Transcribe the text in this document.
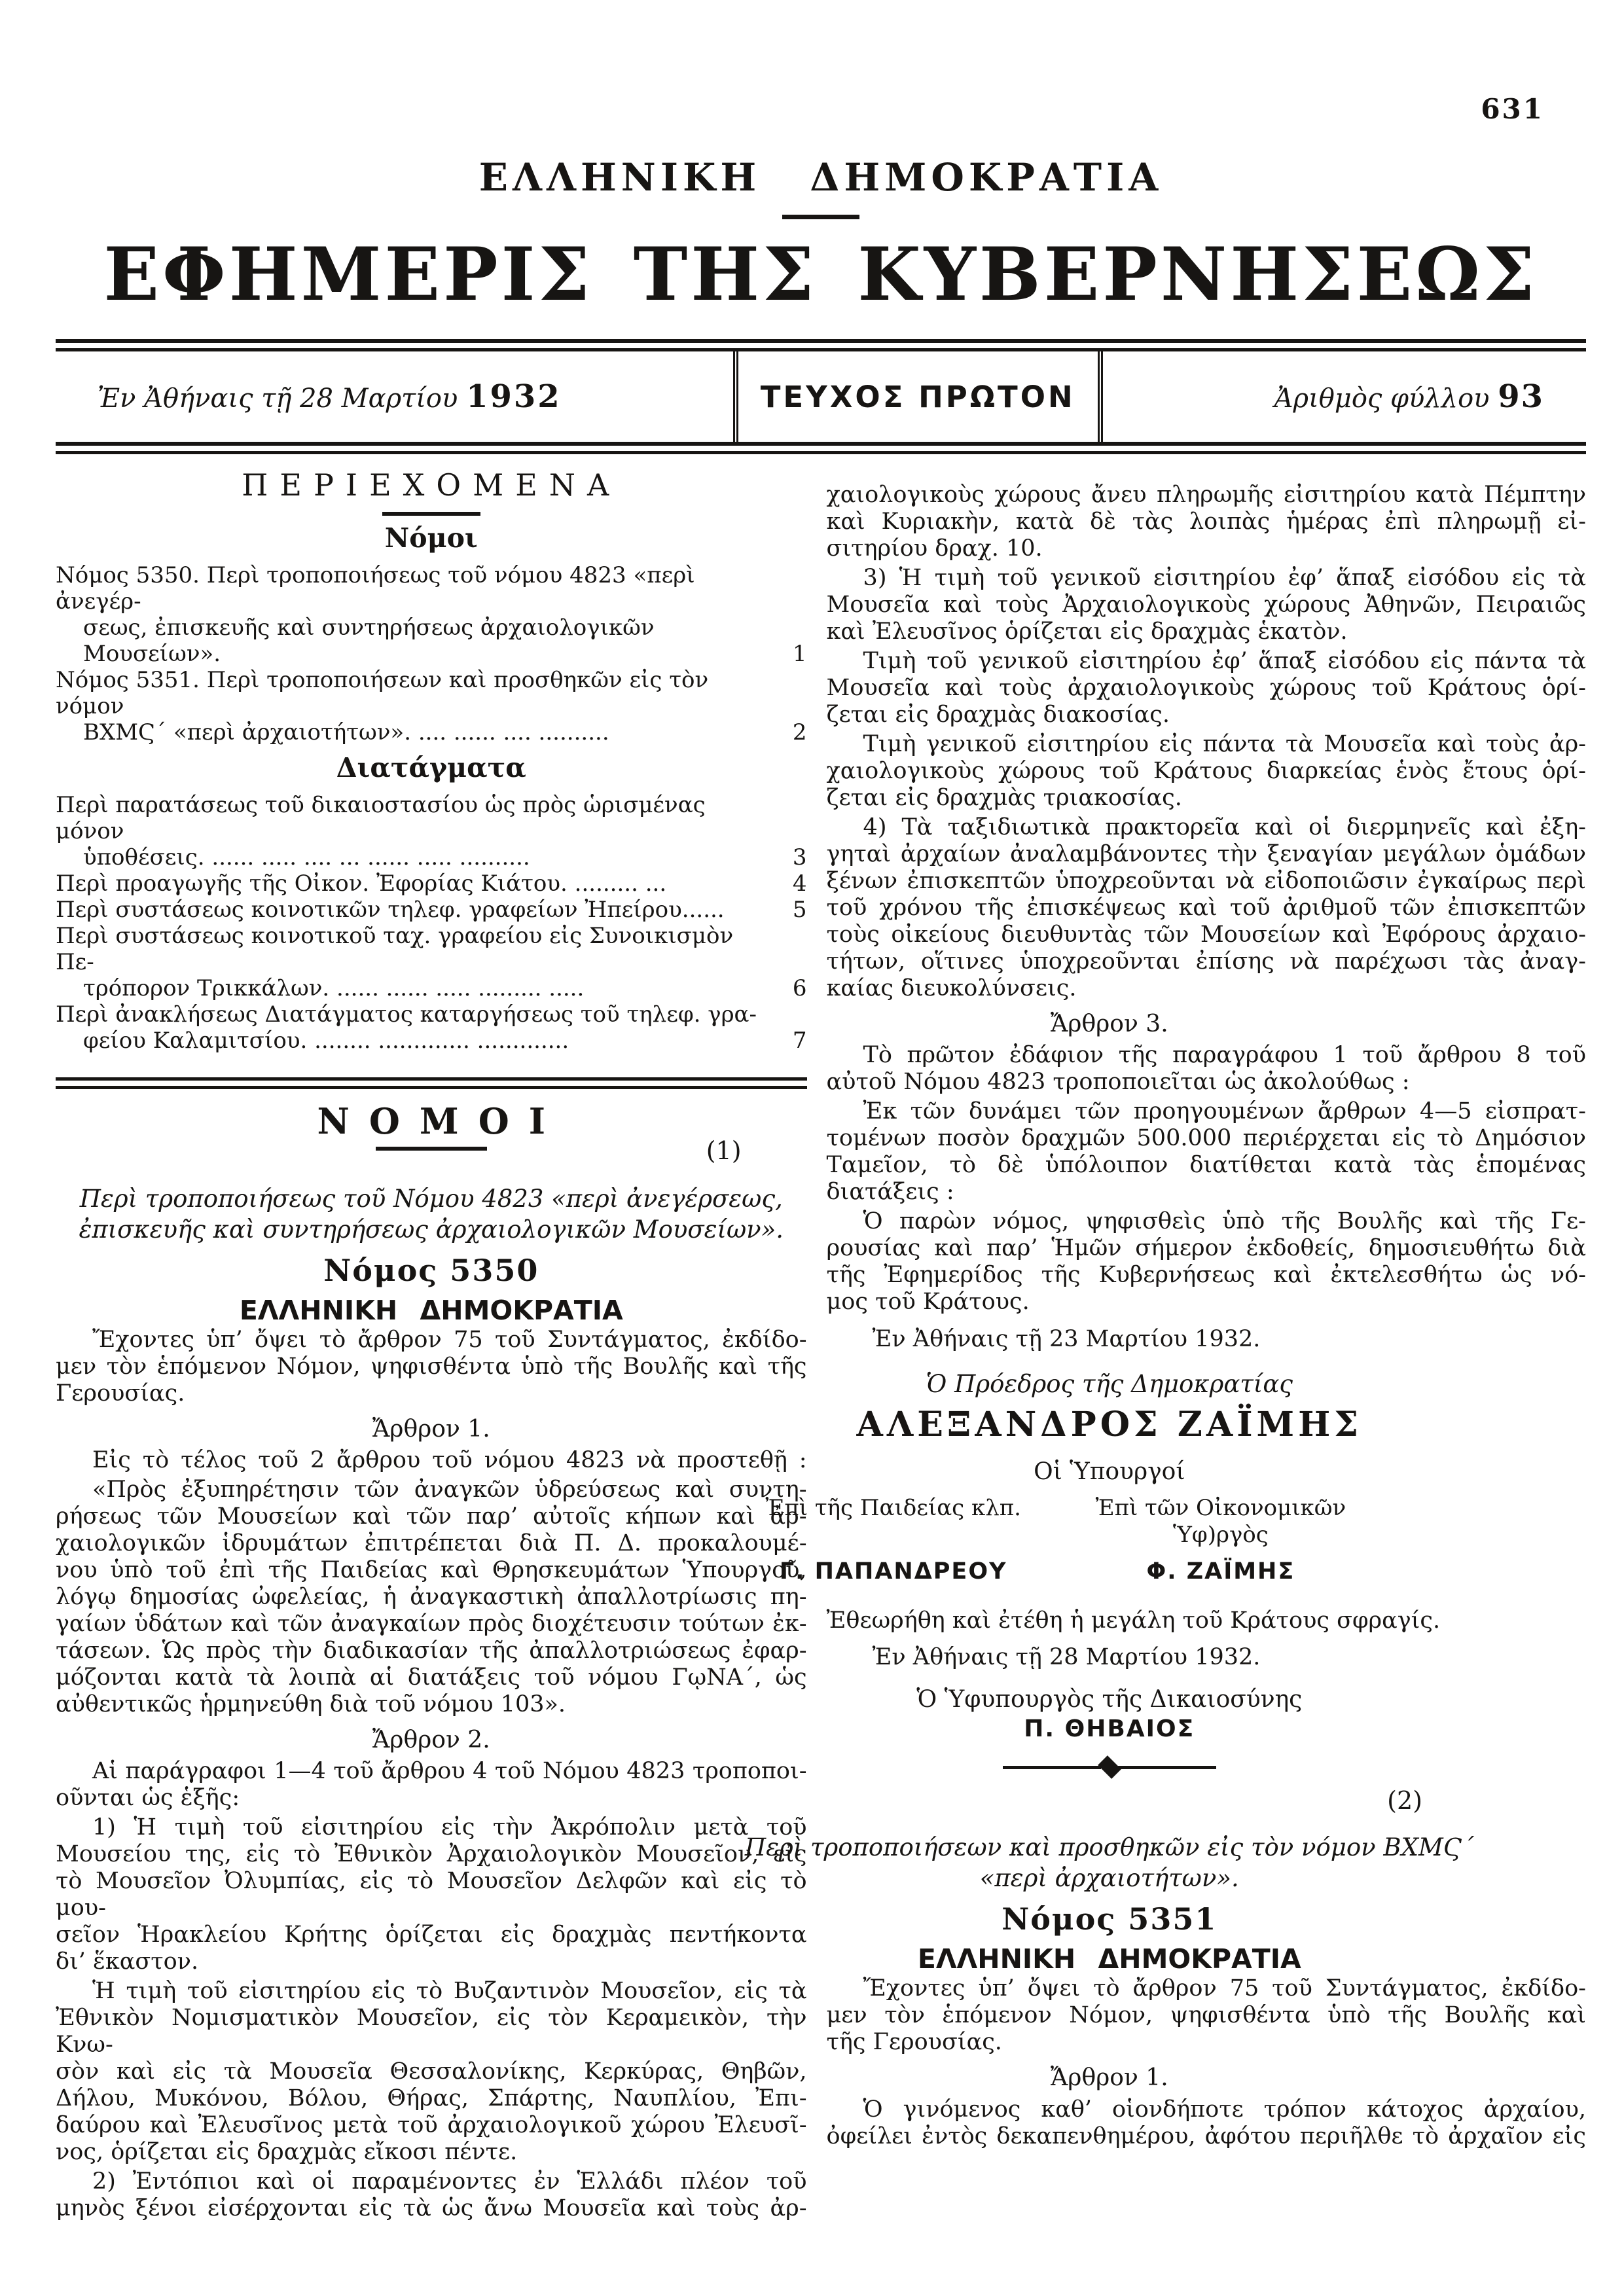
631
ΕΛΛΗΝΙΚΗ ΔΗΜΟΚΡΑΤΙΑ
ΕΦΗΜΕΡΙΣ ΤΗΣ ΚΥΒΕΡΝΗΣΕΩΣ
Ἐν Ἀθήναις τῇ 28 Μαρτίου 1932	ΤΕΥΧΟΣ ΠΡΩΤΟΝ	Ἀριθμὸς φύλλου 93
ΠΕΡΙΕΧΟΜΕΝΑ
Νόμοι
Νόμος 5350. Περὶ τροποποιήσεως τοῦ νόμου 4823 «περὶ ἀνεγέρ-
σεως, ἐπισκευῆς καὶ συντηρήσεως ἀρχαιολογικῶν Μουσείων».	1
Νόμος 5351. Περὶ τροποποιήσεων καὶ προσθηκῶν εἰς τὸν νόμον
ΒΧΜϚ΄ «περὶ ἀρχαιοτήτων». .... ...... .... ..........	2
Διατάγματα
Περὶ παρατάσεως τοῦ δικαιοστασίου ὡς πρὸς ὡρισμένας μόνον
ὑποθέσεις. ...... ..... .... ... ...... ..... ..........	3
Περὶ προαγωγῆς τῆς Οἰκον. Ἐφορίας Κιάτου. ......... ...	4
Περὶ συστάσεως κοινοτικῶν τηλεφ. γραφείων Ἠπείρου......	5
Περὶ συστάσεως κοινοτικοῦ ταχ. γραφείου εἰς Συνοικισμὸν Πε-
τρόπορον Τρικκάλων. ...... ...... ..... ......... .....	6
Περὶ ἀνακλήσεως Διατάγματος καταργήσεως τοῦ τηλεφ. γρα-
φείου Καλαμιτσίου. ........ ............. .............	7
ΝΟΜΟΙ
(1)
Περὶ τροποποιήσεως τοῦ Νόμου 4823 «περὶ ἀνεγέρσεως,
ἐπισκευῆς καὶ συντηρήσεως ἀρχαιολογικῶν Μουσείων».
Νόμος 5350
ΕΛΛΗΝΙΚΗ ΔΗΜΟΚΡΑΤΙΑ
Ἔχοντες ὑπ’ ὄψει τὸ ἄρθρον 75 τοῦ Συντάγματος, ἐκδίδο-
μεν τὸν ἑπόμενον Νόμον, ψηφισθέντα ὑπὸ τῆς Βουλῆς καὶ τῆς
Γερουσίας.
Ἄρθρον 1.
Εἰς τὸ τέλος τοῦ 2 ἄρθρου τοῦ νόμου 4823 νὰ προστεθῇ :
«Πρὸς ἐξυπηρέτησιν τῶν ἀναγκῶν ὑδρεύσεως καὶ συντη-
ρήσεως τῶν Μουσείων καὶ τῶν παρ’ αὐτοῖς κήπων καὶ ἀρ-
χαιολογικῶν ἱδρυμάτων ἐπιτρέπεται διὰ Π. Δ. προκαλουμέ-
νου ὑπὸ τοῦ ἐπὶ τῆς Παιδείας καὶ Θρησκευμάτων Ὑπουργοῦ,
λόγῳ δημοσίας ὠφελείας, ἡ ἀναγκαστικὴ ἀπαλλοτρίωσις πη-
γαίων ὑδάτων καὶ τῶν ἀναγκαίων πρὸς διοχέτευσιν τούτων ἐκ-
τάσεων. Ὡς πρὸς τὴν διαδικασίαν τῆς ἀπαλλοτριώσεως ἐφαρ-
μόζονται κατὰ τὰ λοιπὰ αἱ διατάξεις τοῦ νόμου ΓῳΝΑ΄, ὡς
αὐθεντικῶς ἡρμηνεύθη διὰ τοῦ νόμου 103».
Ἄρθρον 2.
Αἱ παράγραφοι 1—4 τοῦ ἄρθρου 4 τοῦ Νόμου 4823 τροποποι-
οῦνται ὡς ἑξῆς:
1) Ἡ τιμὴ τοῦ εἰσιτηρίου εἰς τὴν Ἀκρόπολιν μετὰ τοῦ
Μουσείου της, εἰς τὸ Ἐθνικὸν Ἀρχαιολογικὸν Μουσεῖον, εἰς
τὸ Μουσεῖον Ὀλυμπίας, εἰς τὸ Μουσεῖον Δελφῶν καὶ εἰς τὸ μου-
σεῖον Ἡρακλείου Κρήτης ὁρίζεται εἰς δραχμὰς πεντήκοντα
δι’ ἕκαστον.
Ἡ τιμὴ τοῦ εἰσιτηρίου εἰς τὸ Βυζαντινὸν Μουσεῖον, εἰς τὰ
Ἐθνικὸν Νομισματικὸν Μουσεῖον, εἰς τὸν Κεραμεικὸν, τὴν Κνω-
σὸν καὶ εἰς τὰ Μουσεῖα Θεσσαλονίκης, Κερκύρας, Θηβῶν,
Δήλου, Μυκόνου, Βόλου, Θήρας, Σπάρτης, Ναυπλίου, Ἐπι-
δαύρου καὶ Ἐλευσῖνος μετὰ τοῦ ἀρχαιολογικοῦ χώρου Ἐλευσῖ-
νος, ὁρίζεται εἰς δραχμὰς εἴκοσι πέντε.
2) Ἐντόπιοι καὶ οἱ παραμένοντες ἐν Ἑλλάδι πλέον τοῦ
μηνὸς ξένοι εἰσέρχονται εἰς τὰ ὡς ἄνω Μουσεῖα καὶ τοὺς ἀρ-
χαιολογικοὺς χώρους ἄνευ πληρωμῆς εἰσιτηρίου κατὰ Πέμπτην
καὶ Κυριακὴν, κατὰ δὲ τὰς λοιπὰς ἡμέρας ἐπὶ πληρωμῇ εἰ-
σιτηρίου δραχ. 10.
3) Ἡ τιμὴ τοῦ γενικοῦ εἰσιτηρίου ἐφ’ ἅπαξ εἰσόδου εἰς τὰ
Μουσεῖα καὶ τοὺς Ἀρχαιολογικοὺς χώρους Ἀθηνῶν, Πειραιῶς
καὶ Ἐλευσῖνος ὁρίζεται εἰς δραχμὰς ἑκατὸν.
Τιμὴ τοῦ γενικοῦ εἰσιτηρίου ἐφ’ ἅπαξ εἰσόδου εἰς πάντα τὰ
Μουσεῖα καὶ τοὺς ἀρχαιολογικοὺς χώρους τοῦ Κράτους ὁρί-
ζεται εἰς δραχμὰς διακοσίας.
Τιμὴ γενικοῦ εἰσιτηρίου εἰς πάντα τὰ Μουσεῖα καὶ τοὺς ἀρ-
χαιολογικοὺς χώρους τοῦ Κράτους διαρκείας ἑνὸς ἔτους ὁρί-
ζεται εἰς δραχμὰς τριακοσίας.
4) Τὰ ταξιδιωτικὰ πρακτορεῖα καὶ οἱ διερμηνεῖς καὶ ἐξη-
γηταὶ ἀρχαίων ἀναλαμβάνοντες τὴν ξεναγίαν μεγάλων ὁμάδων
ξένων ἐπισκεπτῶν ὑποχρεοῦνται νὰ εἰδοποιῶσιν ἐγκαίρως περὶ
τοῦ χρόνου τῆς ἐπισκέψεως καὶ τοῦ ἀριθμοῦ τῶν ἐπισκεπτῶν
τοὺς οἰκείους διευθυντὰς τῶν Μουσείων καὶ Ἐφόρους ἀρχαιο-
τήτων, οἵτινες ὑποχρεοῦνται ἐπίσης νὰ παρέχωσι τὰς ἀναγ-
καίας διευκολύνσεις.
Ἄρθρον 3.
Τὸ πρῶτον ἐδάφιον τῆς παραγράφου 1 τοῦ ἄρθρου 8 τοῦ
αὐτοῦ Νόμου 4823 τροποποιεῖται ὡς ἀκολούθως :
Ἐκ τῶν δυνάμει τῶν προηγουμένων ἄρθρων 4—5 εἰσπρατ-
τομένων ποσὸν δραχμῶν 500.000 περιέρχεται εἰς τὸ Δημόσιον
Ταμεῖον, τὸ δὲ ὑπόλοιπον διατίθεται κατὰ τὰς ἑπομένας
διατάξεις :
Ὁ παρὼν νόμος, ψηφισθεὶς ὑπὸ τῆς Βουλῆς καὶ τῆς Γε-
ρουσίας καὶ παρ’ Ἡμῶν σήμερον ἐκδοθείς, δημοσιευθήτω διὰ
τῆς Ἐφημερίδος τῆς Κυβερνήσεως καὶ ἐκτελεσθήτω ὡς νό-
μος τοῦ Κράτους.
Ἐν Ἀθήναις τῇ 23 Μαρτίου 1932.
Ὁ Πρόεδρος τῆς Δημοκρατίας
ΑΛΕΞΑΝΔΡΟΣ ΖΑΪΜΗΣ
Οἱ Ὑπουργοί
Ἐπὶ τῆς Παιδείας κλπ.	Ἐπὶ τῶν Οἰκονομικῶν Ὑφ)ργὸς
Γ. ΠΑΠΑΝΔΡΕΟΥ	Φ. ΖΑΪΜΗΣ
Ἐθεωρήθη καὶ ἐτέθη ἡ μεγάλη τοῦ Κράτους σφραγίς.
Ἐν Ἀθήναις τῇ 28 Μαρτίου 1932.
Ὁ Ὑφυπουργὸς τῆς Δικαιοσύνης
Π. ΘΗΒΑΙΟΣ
(2)
Περὶ τροποποιήσεων καὶ προσθηκῶν εἰς τὸν νόμον ΒΧΜϚ΄
«περὶ ἀρχαιοτήτων».
Νόμος 5351
ΕΛΛΗΝΙΚΗ ΔΗΜΟΚΡΑΤΙΑ
Ἔχοντες ὑπ’ ὄψει τὸ ἄρθρον 75 τοῦ Συντάγματος, ἐκδίδο-
μεν τὸν ἑπόμενον Νόμον, ψηφισθέντα ὑπὸ τῆς Βουλῆς καὶ
τῆς Γερουσίας.
Ἄρθρον 1.
Ὁ γινόμενος καθ’ οἱονδήποτε τρόπον κάτοχος ἀρχαίου,
ὀφείλει ἐντὸς δεκαπενθημέρου, ἀφότου περιῆλθε τὸ ἀρχαῖον εἰς
